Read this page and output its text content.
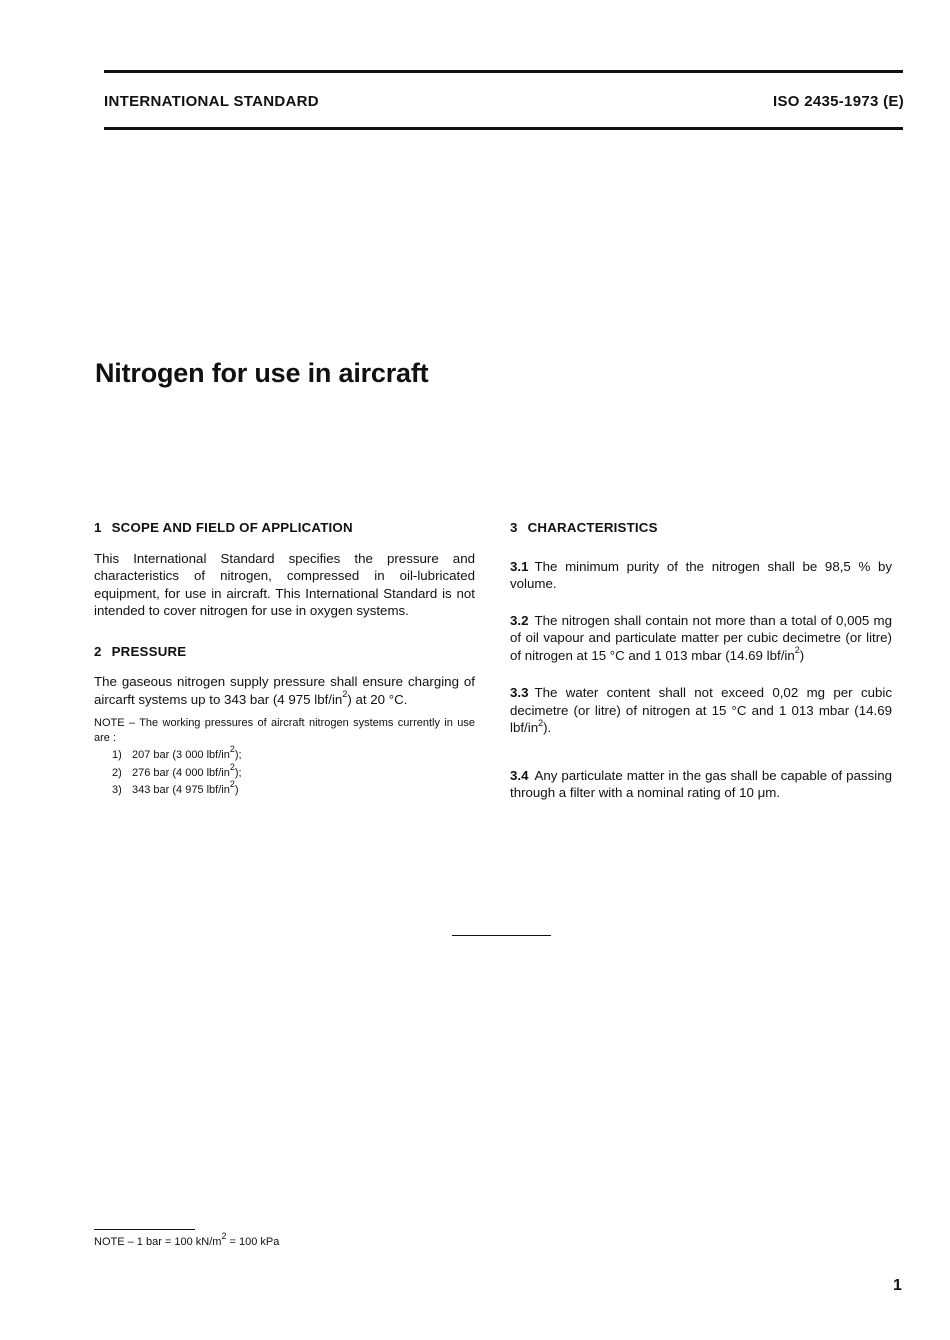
INTERNATIONAL STANDARD	ISO 2435-1973 (E)
Nitrogen for use in aircraft
1 SCOPE AND FIELD OF APPLICATION

This International Standard specifies the pressure and characteristics of nitrogen, compressed in oil-lubricated equipment, for use in aircraft. This International Standard is not intended to cover nitrogen for use in oxygen systems.

2 PRESSURE

The gaseous nitrogen supply pressure shall ensure charging of aircarft systems up to 343 bar (4 975 lbf/$in^2$) at 20 °C.

NOTE – The working pressures of aircraft nitrogen systems currently in use are :
1) 207 bar (3 000 lbf/$in^2$);
2) 276 bar (4 000 lbf/$in^2$);
3) 343 bar (4 975 lbf/$in^2$)
3 CHARACTERISTICS

3.1 The minimum purity of the nitrogen shall be 98,5 % by volume.

3.2 The nitrogen shall contain not more than a total of 0,005 mg of oil vapour and particulate matter per cubic decimetre (or litre) of nitrogen at 15 °C and 1 013 mbar (14.69 lbf/$in^2$)

3.3 The water content shall not exceed 0,02 mg per cubic decimetre (or litre) of nitrogen at 15 °C and 1 013 mbar (14.69 lbf/$in^2$).

3.4 Any particulate matter in the gas shall be capable of passing through a filter with a nominal rating of 10 μm.

NOTE – 1 bar = 100 $kN/m^2 = 100$ kPa
1
